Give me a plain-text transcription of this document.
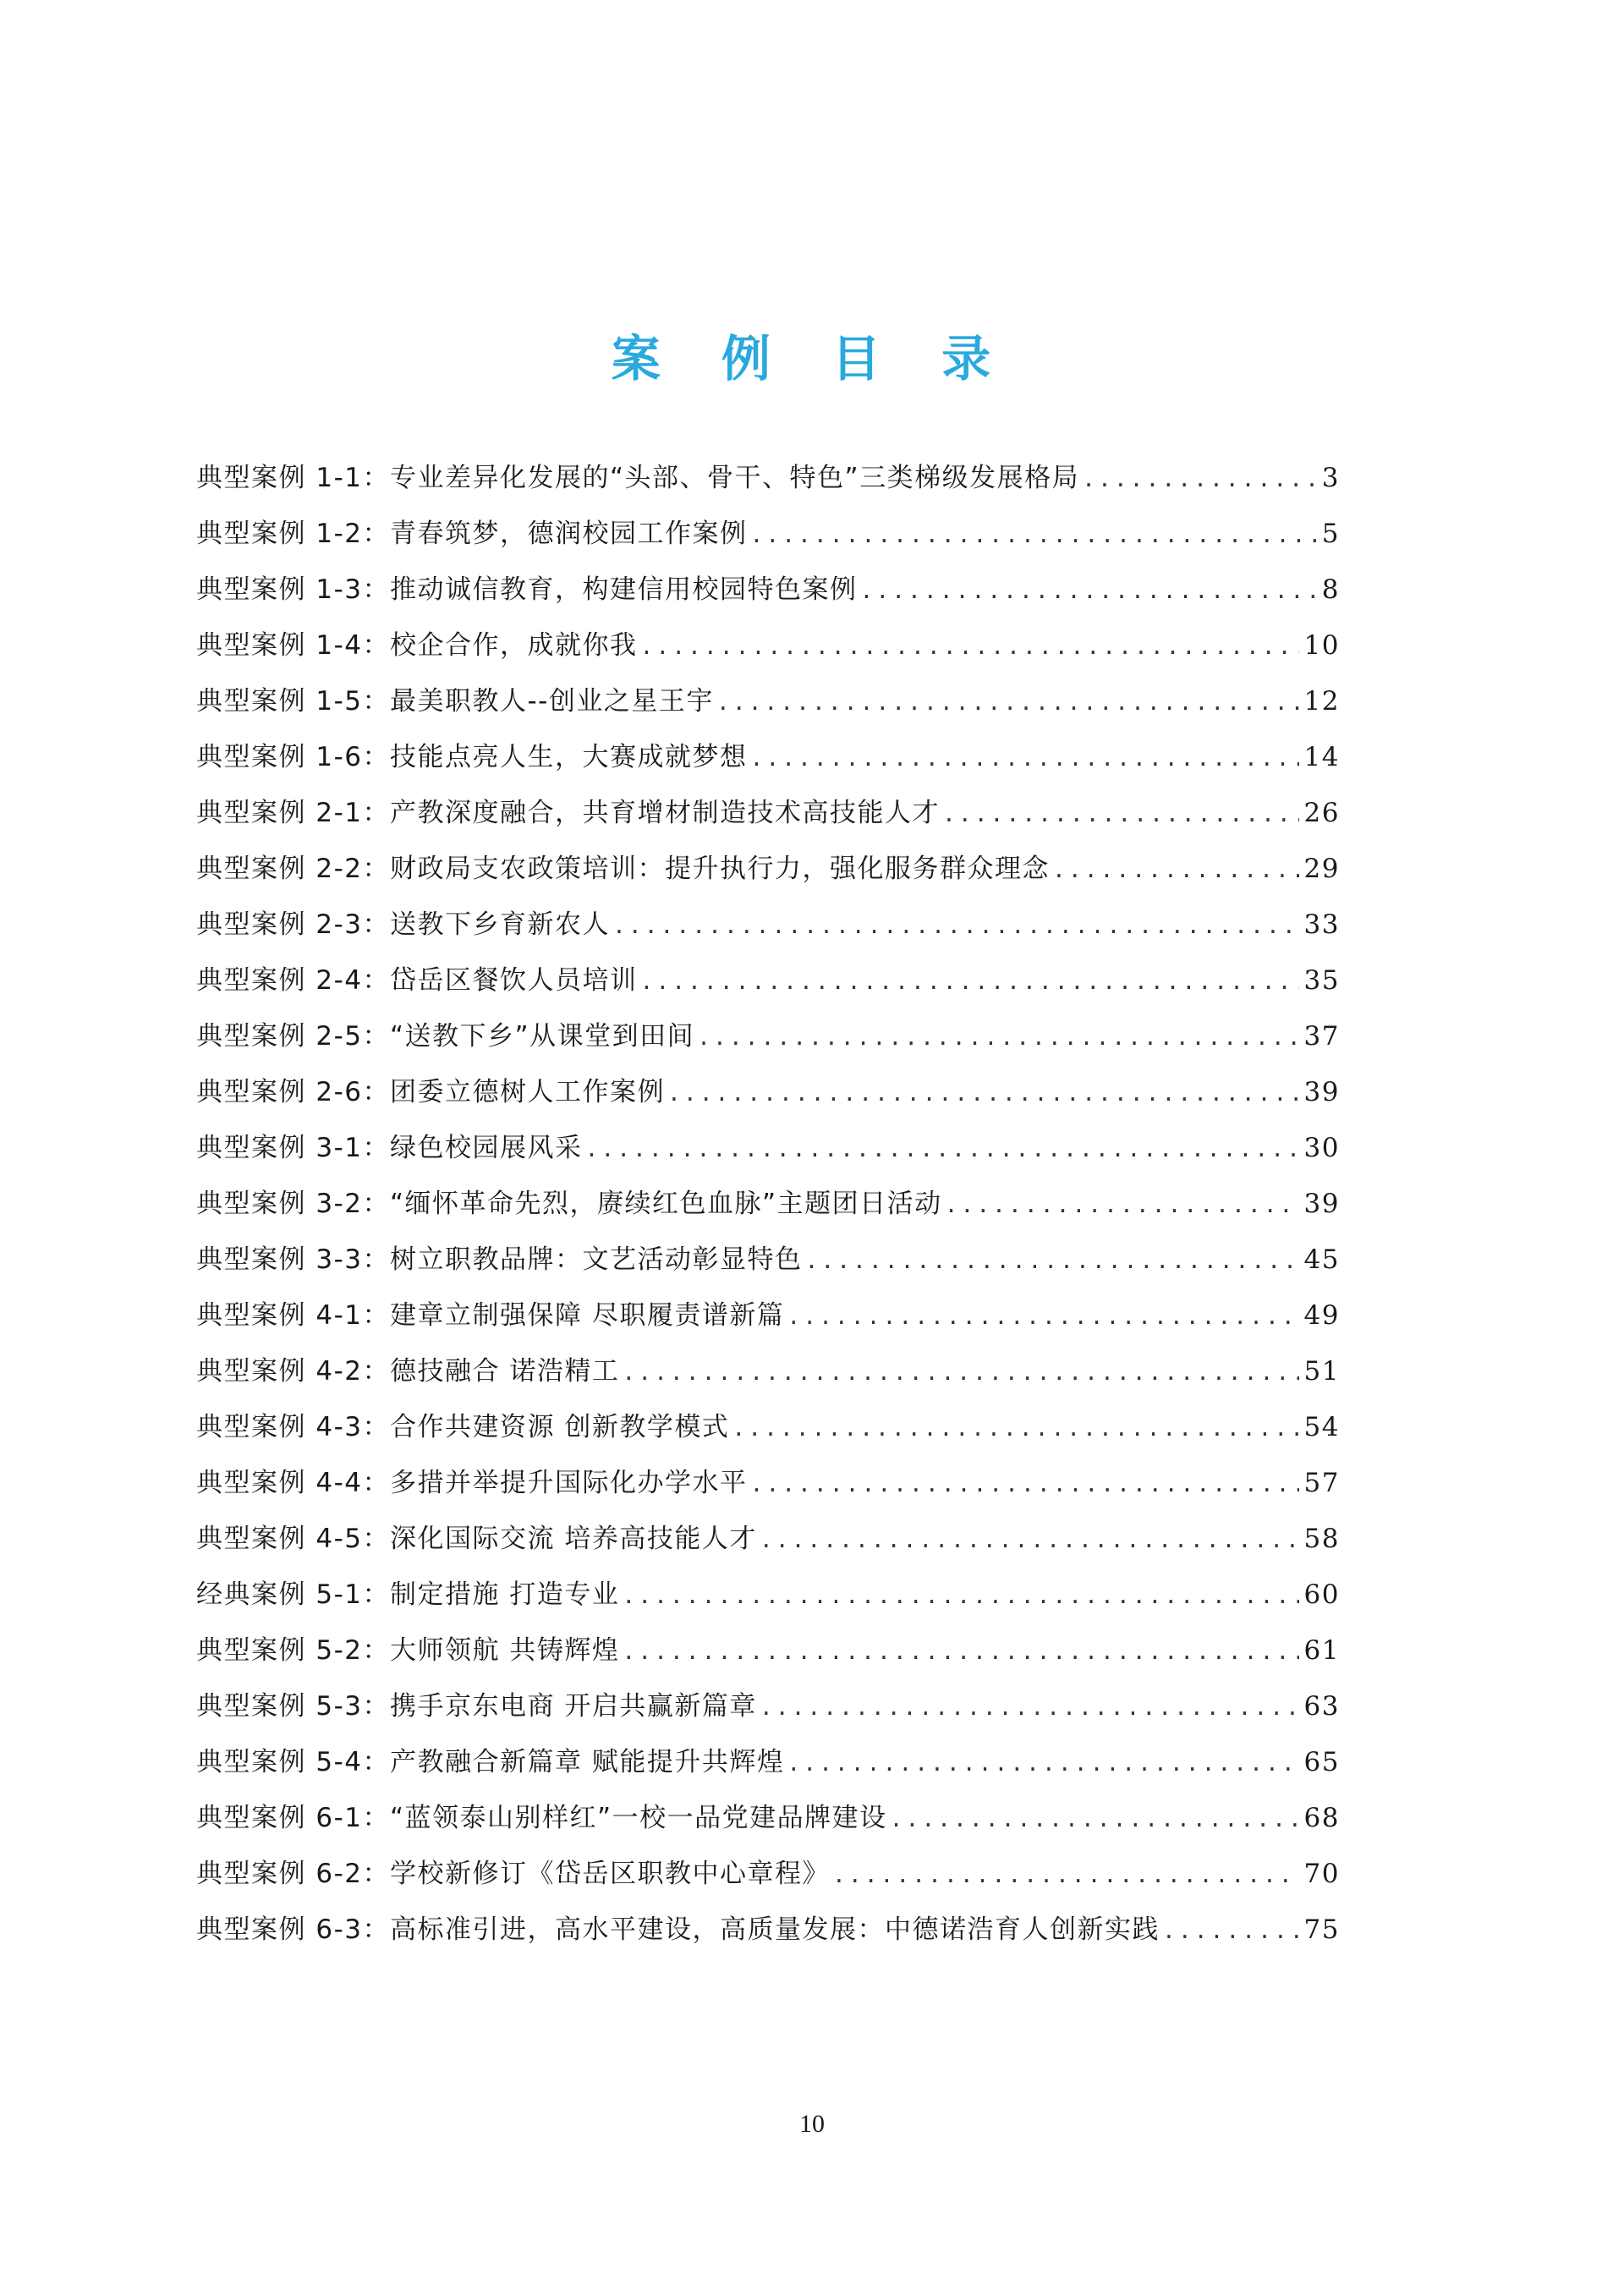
案 例 目 录
典型案例 1-1： 专业差异化发展的“头部、骨干、特色”三类梯级发展格局 .....	3
典型案例 1-2： 青春筑梦，德润校园工作案例 .....	5
典型案例 1-3： 推动诚信教育，构建信用校园特色案例 .....	8
典型案例 1-4： 校企合作，成就你我 .....	10
典型案例 1-5： 最美职教人--创业之星王宇 .....	12
典型案例 1-6： 技能点亮人生，大赛成就梦想 .....	14
典型案例 2-1： 产教深度融合，共育增材制造技术高技能人才 .....	26
典型案例 2-2： 财政局支农政策培训：提升执行力，强化服务群众理念 .....	29
典型案例 2-3： 送教下乡育新农人 .....	33
典型案例 2-4： 岱岳区餐饮人员培训 .....	35
典型案例 2-5： “送教下乡”从课堂到田间 .....	37
典型案例 2-6： 团委立德树人工作案例 .....	39
典型案例 3-1： 绿色校园展风采 .....	30
典型案例 3-2： “缅怀革命先烈，赓续红色血脉”主题团日活动 .....	39
典型案例 3-3： 树立职教品牌：文艺活动彰显特色 .....	45
典型案例 4-1： 建章立制强保障 尽职履责谱新篇 .....	49
典型案例 4-2： 德技融合 诺浩精工 .....	51
典型案例 4-3： 合作共建资源 创新教学模式 .....	54
典型案例 4-4： 多措并举提升国际化办学水平 .....	57
典型案例 4-5： 深化国际交流 培养高技能人才 .....	58
经典案例 5-1： 制定措施 打造专业 .....	60
典型案例 5-2： 大师领航 共铸辉煌 .....	61
典型案例 5-3： 携手京东电商 开启共赢新篇章 .....	63
典型案例 5-4： 产教融合新篇章 赋能提升共辉煌 .....	65
典型案例 6-1： “蓝领泰山别样红”一校一品党建品牌建设 .....	68
典型案例 6-2： 学校新修订《岱岳区职教中心章程》 .....	70
典型案例 6-3： 高标准引进，高水平建设，高质量发展：中德诺浩育人创新实践 .....	75
10
